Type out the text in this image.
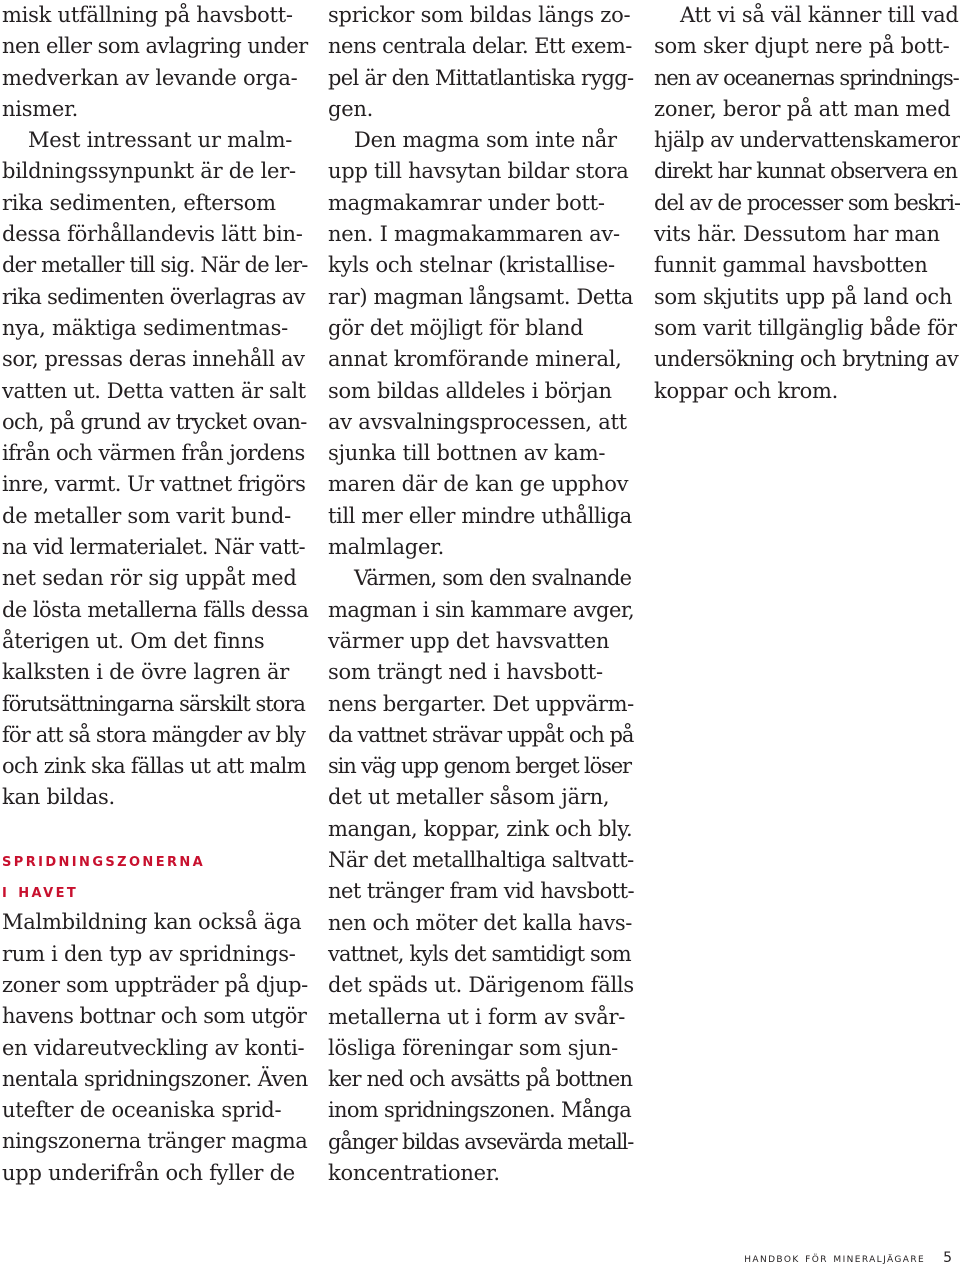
misk utfällning på havsbott-
nen eller som avlagring under
medverkan av levande orga-
nismer.
Mest intressant ur malm-
bildningssynpunkt är de ler-
rika sedimenten, eftersom
dessa förhållandevis lätt bin-
der metaller till sig. När de ler-
rika sedimenten överlagras av
nya, mäktiga sedimentmas-
sor, pressas deras innehåll av
vatten ut. Detta vatten är salt
och, på grund av trycket ovan-
ifrån och värmen från jordens
inre, varmt. Ur vattnet frigörs
de metaller som varit bund-
na vid lermaterialet. När vatt-
net sedan rör sig uppåt med
de lösta metallerna fälls dessa
återigen ut. Om det finns
kalksten i de övre lagren är
förutsättningarna särskilt stora
för att så stora mängder av bly
och zink ska fällas ut att malm
kan bildas.
spridningszonerna
i havet
Malmbildning kan också äga
rum i den typ av spridnings-
zoner som uppträder på djup-
havens bottnar och som utgör
en vidareutveckling av konti-
nentala spridningszoner. Även
utefter de oceaniska sprid-
ningszonerna tränger magma
upp underifrån och fyller de
sprickor som bildas längs zo-
nens centrala delar. Ett exem-
pel är den Mittatlantiska rygg-
gen.
Den magma som inte når
upp till havsytan bildar stora
magmakamrar under bott-
nen. I magmakammaren av-
kyls och stelnar (kristallise-
rar) magman långsamt. Detta
gör det möjligt för bland
annat kromförande mineral,
som bildas alldeles i början
av avsvalningsprocessen, att
sjunka till bottnen av kam-
maren där de kan ge upphov
till mer eller mindre uthålliga
malmlager.
Värmen, som den svalnande
magman i sin kammare avger,
värmer upp det havsvatten
som trängt ned i havsbott-
nens bergarter. Det uppvärm-
da vattnet strävar uppåt och på
sin väg upp genom berget löser
det ut metaller såsom järn,
mangan, koppar, zink och bly.
När det metallhaltiga saltvatt-
net tränger fram vid havsbott-
nen och möter det kalla havs-
vattnet, kyls det samtidigt som
det späds ut. Därigenom fälls
metallerna ut i form av svår-
lösliga föreningar som sjun-
ker ned och avsätts på bottnen
inom spridningszonen. Många
gånger bildas avsevärda metall-
koncentrationer.
Att vi så väl känner till vad
som sker djupt nere på bott-
nen av oceanernas sprindnings-
zoner, beror på att man med
hjälp av undervattenskameror
direkt har kunnat observera en
del av de processer som beskri-
vits här. Dessutom har man
funnit gammal havsbotten
som skjutits upp på land och
som varit tillgänglig både för
undersökning och brytning av
koppar och krom.
handbok för mineraljägare 5
